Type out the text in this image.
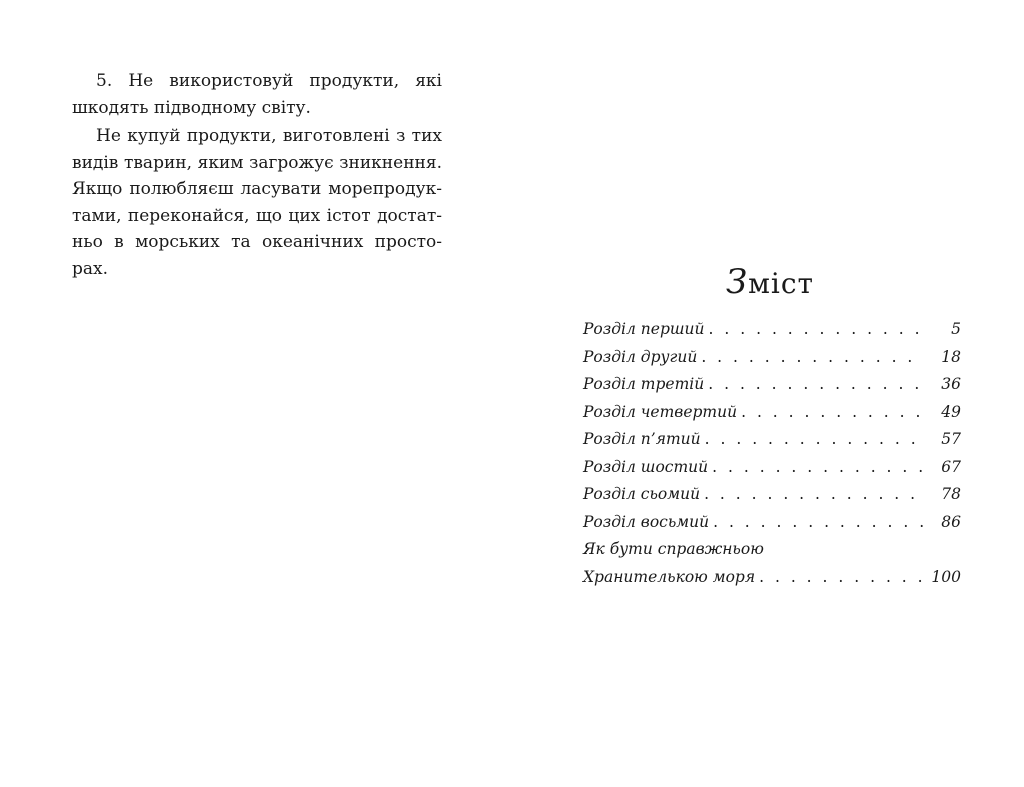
5. Не використовуй продукти, які
шкодять підводному світу.

Не купуй продукти, виготовлені з тих
видів тварин, яким загрожує зникнення.
Якщо полюбляєш ласувати морепродук-
тами, переконайся, що цих істот достат-
ньо в морських та океанічних просто-
рах.	Зміст
Розділ перший . . .	5
Розділ другий . . .	18
Розділ третій . . .	36
Розділ четвертий . . .	49
Розділ п’ятий . . .	57
Розділ шостий . . .	67
Розділ сьомий . . .	78
Розділ восьмий . . .	86
Як бути справжньою
Хранителькою моря . . .	100
